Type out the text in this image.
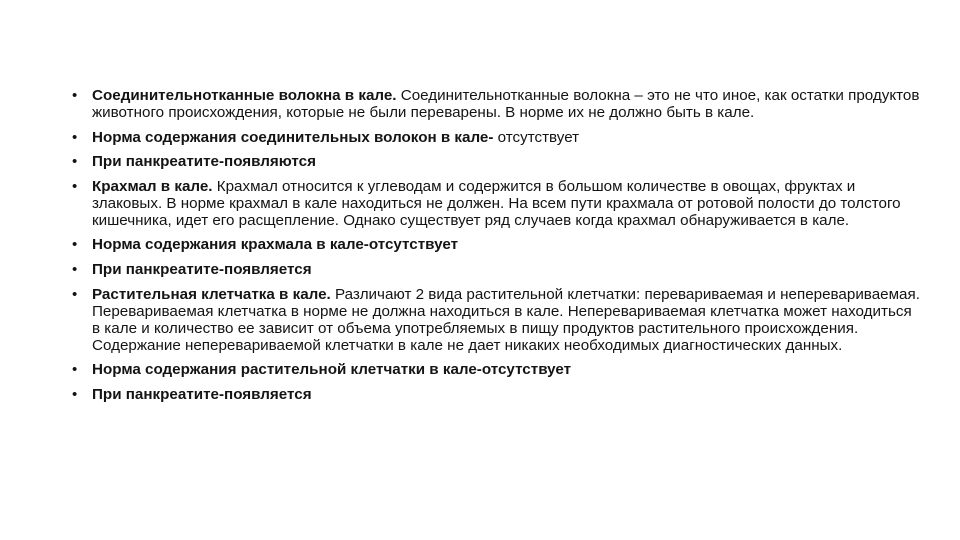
• Соединительнотканные волокна в кале. Соединительнотканные волокна – это не что иное, как остатки продуктов животного происхождения, которые не были переварены. В норме их не должно быть в кале.
• Норма содержания соединительных волокон в кале- отсутствует
• При панкреатите-появляются
• Крахмал в кале. Крахмал относится к углеводам и содержится в большом количестве в овощах, фруктах и злаковых. В норме крахмал в кале находиться не должен. На всем пути крахмала от ротовой полости до толстого кишечника, идет его расщепление. Однако существует ряд случаев когда крахмал обнаруживается в кале.
• Норма содержания крахмала в кале-отсутствует
• При панкреатите-появляется
• Растительная клетчатка в кале. Различают 2 вида растительной клетчатки: перевариваемая и неперевариваемая. Перевариваемая клетчатка в норме не должна находиться в кале. Неперевариваемая клетчатка может находиться в кале и количество ее зависит от объема употребляемых в пищу продуктов растительного происхождения. Содержание неперевариваемой клетчатки в кале не дает никаких необходимых диагностических данных.
• Норма содержания растительной клетчатки в кале-отсутствует
• При панкреатите-появляется
